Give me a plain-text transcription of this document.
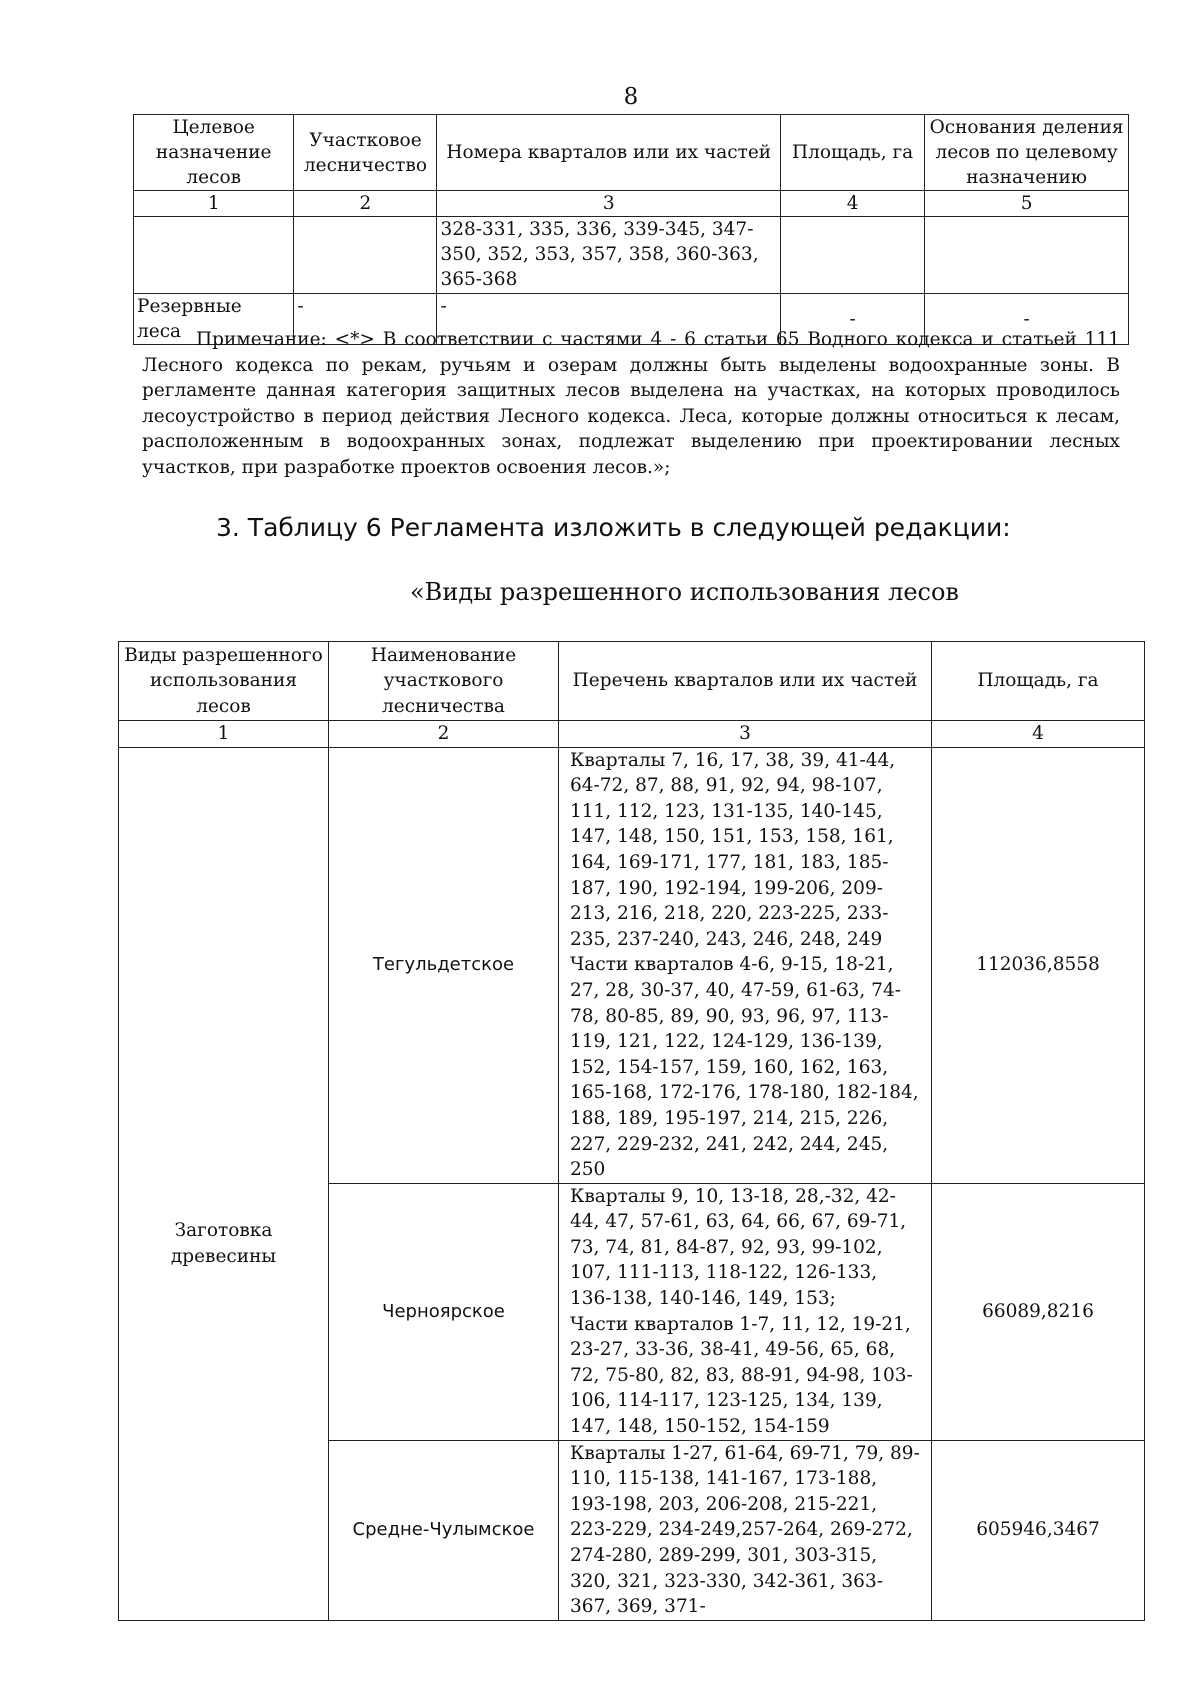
8
Целевое назначение лесов	Участковое лесничество	Номера кварталов или их частей	Площадь, га	Основания деления лесов по целевому назначению
1	2	3	4	5
		328-331, 335, 336, 339-345, 347-350, 352, 353, 357, 358, 360-363, 365-368		
Резервные леса	-	-	-	-
Примечание: <*> В соответствии с частями 4 - 6 статьи 65 Водного кодекса и статьей 111 Лесного кодекса по рекам, ручьям и озерам должны быть выделены водоохранные зоны. В регламенте данная категория защитных лесов выделена на участках, на которых проводилось лесоустройство в период действия Лесного кодекса. Леса, которые должны относиться к лесам, расположенным в водоохранных зонах, подлежат выделению при проектировании лесных участков, при разработке проектов освоения лесов.»;
3. Таблицу 6 Регламента изложить в следующей редакции:
«Виды разрешенного использования лесов
Виды разрешенного использования лесов	Наименование участкового лесничества	Перечень кварталов или их частей	Площадь, га
1	2	3	4

Заготовка древесины	Тегульдетское	Кварталы 7, 16, 17, 38, 39, 41-44, 64-72, 87, 88, 91, 92, 94, 98-107, 111, 112, 123, 131-135, 140-145, 147, 148, 150, 151, 153, 158, 161, 164, 169-171, 177, 181, 183, 185-187, 190, 192-194, 199-206, 209-213, 216, 218, 220, 223-225, 233-235, 237-240, 243, 246, 248, 249 Части кварталов 4-6, 9-15, 18-21, 27, 28, 30-37, 40, 47-59, 61-63, 74-78, 80-85, 89, 90, 93, 96, 97, 113-119, 121, 122, 124-129, 136-139, 152, 154-157, 159, 160, 162, 163, 165-168, 172-176, 178-180, 182-184, 188, 189, 195-197, 214, 215, 226, 227, 229-232, 241, 242, 244, 245, 250	112036,8558
	Черноярское	Кварталы 9, 10, 13-18, 28,-32, 42-44, 47, 57-61, 63, 64, 66, 67, 69-71, 73, 74, 81, 84-87, 92, 93, 99-102, 107, 111-113, 118-122, 126-133, 136-138, 140-146, 149, 153;
Части кварталов 1-7, 11, 12, 19-21, 23-27, 33-36, 38-41, 49-56, 65, 68, 72, 75-80, 82, 83, 88-91, 94-98, 103-106, 114-117, 123-125, 134, 139, 147, 148, 150-152, 154-159	66089,8216
	Средне-Чулымское	Кварталы 1-27, 61-64, 69-71, 79, 89-110, 115-138, 141-167, 173-188, 193-198, 203, 206-208, 215-221, 223-229, 234-249,257-264, 269-272, 274-280, 289-299, 301, 303-315, 320, 321, 323-330, 342-361, 363-367, 369, 371-	605946,3467
